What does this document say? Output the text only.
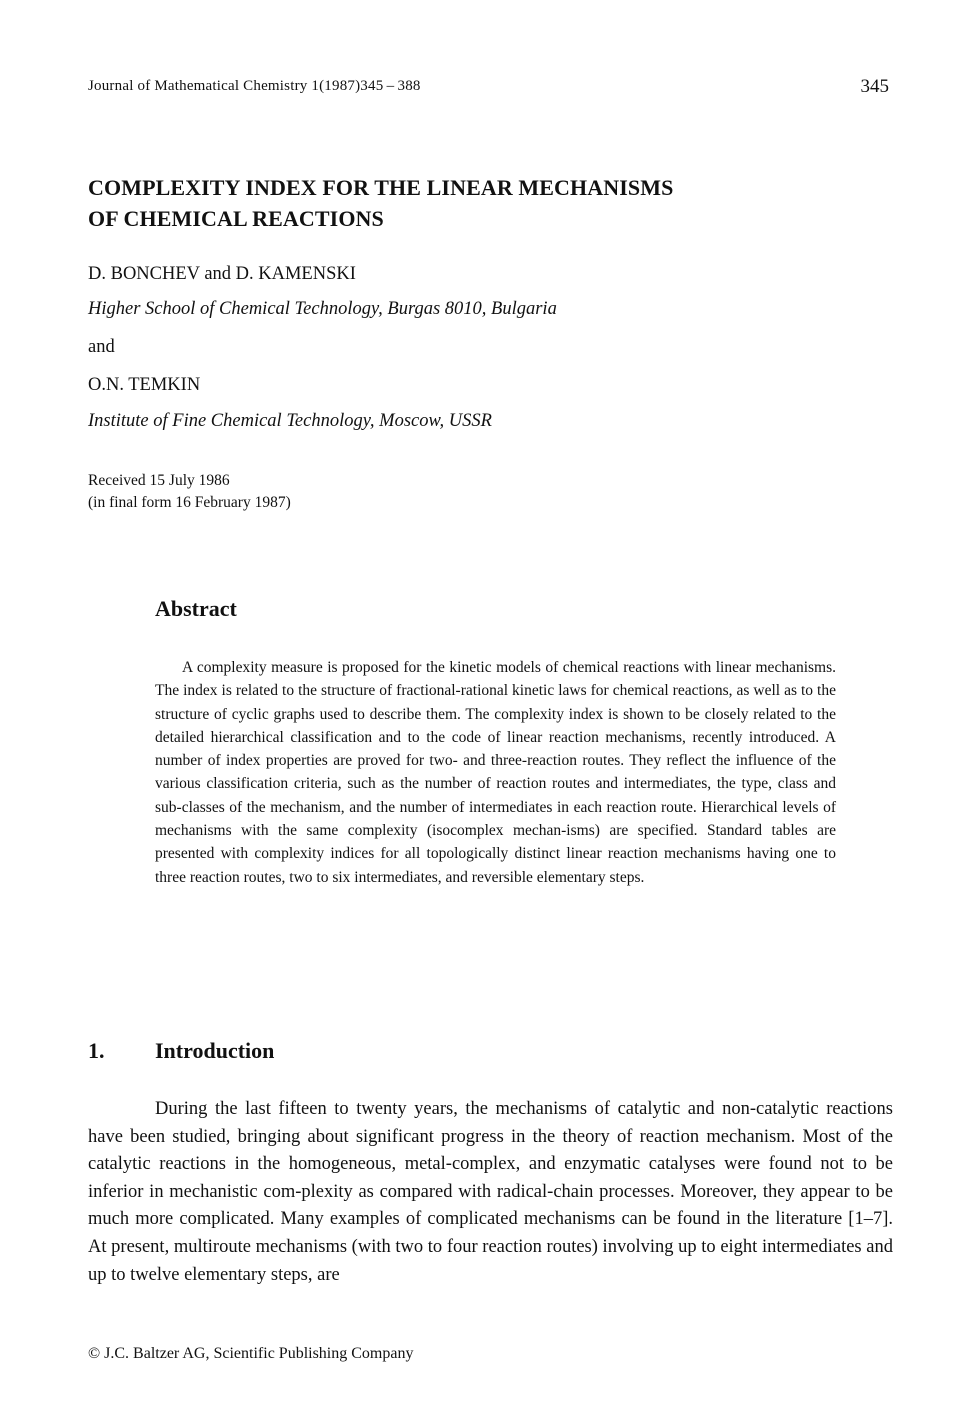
Journal of Mathematical Chemistry 1(1987)345 – 388	345
COMPLEXITY INDEX FOR THE LINEAR MECHANISMS
OF CHEMICAL REACTIONS
D. BONCHEV and D. KAMENSKI
Higher School of Chemical Technology, Burgas 8010, Bulgaria
and
O.N. TEMKIN
Institute of Fine Chemical Technology, Moscow, USSR
Received 15 July 1986
(in final form 16 February 1987)
Abstract

A complexity measure is proposed for the kinetic models of chemical reactions with linear mechanisms. The index is related to the structure of fractional-rational kinetic laws for chemical reactions, as well as to the structure of cyclic graphs used to describe them. The complexity index is shown to be closely related to the detailed hierarchical classification and to the code of linear reaction mechanisms, recently introduced. A number of index properties are proved for two- and three-reaction routes. They reflect the influence of the various classification criteria, such as the number of reaction routes and intermediates, the type, class and sub-classes of the mechanism, and the number of intermediates in each reaction route. Hierarchical levels of mechanisms with the same complexity (isocomplex mechan-isms) are specified. Standard tables are presented with complexity indices for all topologically distinct linear reaction mechanisms having one to three reaction routes, two to six intermediates, and reversible elementary steps.

1. Introduction

During the last fifteen to twenty years, the mechanisms of catalytic and non-catalytic reactions have been studied, bringing about significant progress in the theory of reaction mechanism. Most of the catalytic reactions in the homogeneous, metal-complex, and enzymatic catalyses were found not to be inferior in mechanistic com-plexity as compared with radical-chain processes. Moreover, they appear to be much more complicated. Many examples of complicated mechanisms can be found in the literature [1–7]. At present, multiroute mechanisms (with two to four reaction routes) involving up to eight intermediates and up to twelve elementary steps, are

© J.C. Baltzer AG, Scientific Publishing Company
